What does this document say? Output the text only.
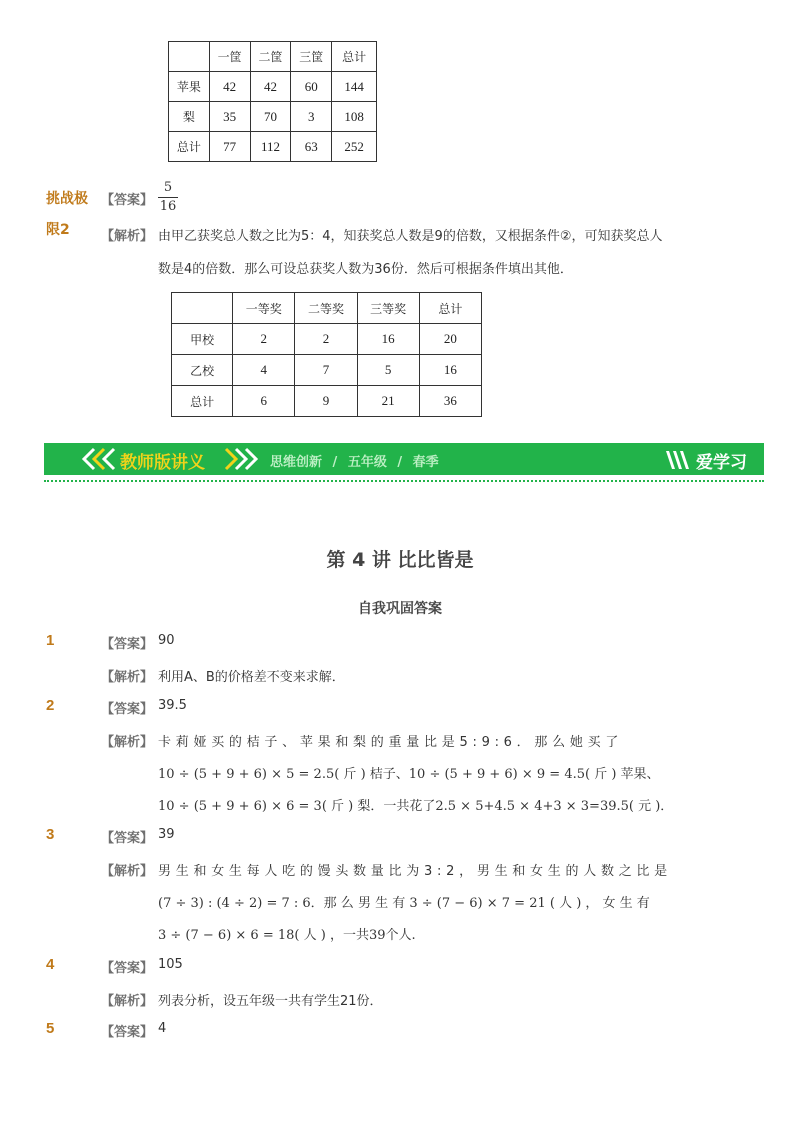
	一筐	二筐	三筐	总计
苹果	42	42	60	144
梨	35	70	3	108
总计	77	112	63	252
挑战极
限2
【答案】
5
16
【解析】 由甲乙获奖总人数之比为5：4，知获奖总人数是9的倍数，又根据条件②，可知获奖总人
数是4的倍数．那么可设总获奖人数为36份．然后可根据条件填出其他．
	一等奖	二等奖	三等奖	总计
甲校	2	2	16	20
乙校	4	7	5	16
总计	6	9	21	36
教师版讲义	思维创新 / 五年级 / 春季	爱学习
第 4 讲 比比皆是
自我巩固答案
1	【答案】 90
【解析】 利用A、B的价格差不变来求解．
2	【答案】 39.5
【解析】 卡 莉 娅 买 的 桔 子 、 苹 果 和 梨 的 重 量 比 是 5 : 9 : 6 ． 那 么 她 买 了
10 ÷ (5 + 9 + 6) × 5 = 2.5( 斤 ) 桔子、10 ÷ (5 + 9 + 6) × 9 = 4.5( 斤 ) 苹果、
10 ÷ (5 + 9 + 6) × 6 = 3( 斤 ) 梨．一共花了2.5 × 5+4.5 × 4+3 × 3=39.5( 元 )．
3	【答案】 39
【解析】 男 生 和 女 生 每 人 吃 的 馒 头 数 量 比 为 3 : 2 ， 男 生 和 女 生 的 人 数 之 比 是
(7 ÷ 3) : (4 ÷ 2) = 7 : 6．那 么 男 生 有 3 ÷ (7 − 6) × 7 = 21 ( 人 ) ， 女 生 有
3 ÷ (7 − 6) × 6 = 18( 人 ) ，一共39个人.
4	【答案】 105
【解析】 列表分析，设五年级一共有学生21份．
5	【答案】 4
